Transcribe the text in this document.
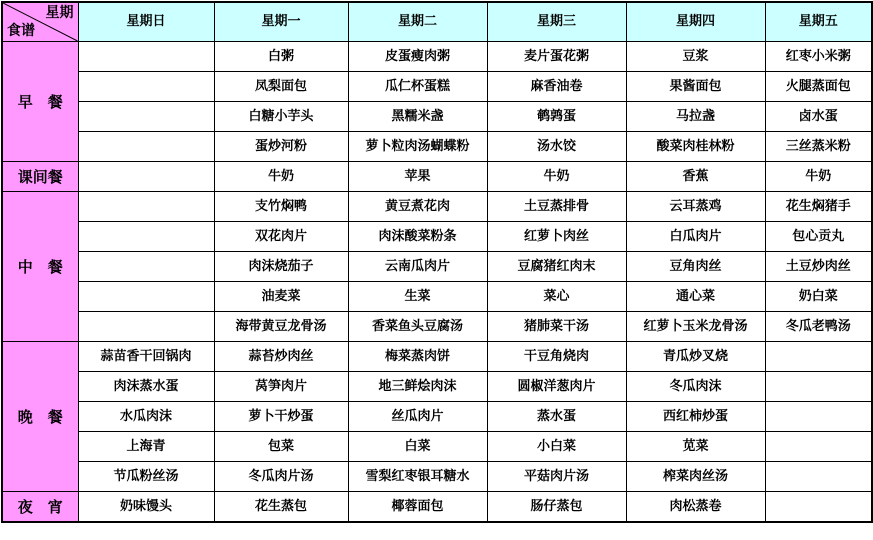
星期
食谱	星期日	星期一	星期二	星期三	星期四	星期五
早　餐		白粥	皮蛋瘦肉粥	麦片蛋花粥	豆浆	红枣小米粥
		凤梨面包	瓜仁杯蛋糕	麻香油卷	果酱面包	火腿蒸面包
		白糖小芋头	黑糯米盏	鹌鹑蛋	马拉盏	卤水蛋
		蛋炒河粉	萝卜粒肉汤蝴蝶粉	汤水饺	酸菜肉桂林粉	三丝蒸米粉
课间餐		牛奶	苹果	牛奶	香蕉	牛奶
中　餐		支竹焖鸭	黄豆煮花肉	土豆蒸排骨	云耳蒸鸡	花生焖猪手
		双花肉片	肉沫酸菜粉条	红萝卜肉丝	白瓜肉片	包心贡丸
		肉沫烧茄子	云南瓜肉片	豆腐猪红肉末	豆角肉丝	土豆炒肉丝
		油麦菜	生菜	菜心	通心菜	奶白菜
		海带黄豆龙骨汤	香菜鱼头豆腐汤	猪肺菜干汤	红萝卜玉米龙骨汤	冬瓜老鸭汤
晚　餐	蒜苗香干回锅肉	蒜苔炒肉丝	梅菜蒸肉饼	干豆角烧肉	青瓜炒叉烧	
	肉沫蒸水蛋	莴笋肉片	地三鲜烩肉沫	圆椒洋葱肉片	冬瓜肉沫	
	水瓜肉沫	萝卜干炒蛋	丝瓜肉片	蒸水蛋	西红柿炒蛋	
	上海青	包菜	白菜	小白菜	苋菜	
	节瓜粉丝汤	冬瓜肉片汤	雪梨红枣银耳糖水	平菇肉片汤	榨菜肉丝汤	
夜　宵	奶味馒头	花生蒸包	椰蓉面包	肠仔蒸包	肉松蒸卷	
